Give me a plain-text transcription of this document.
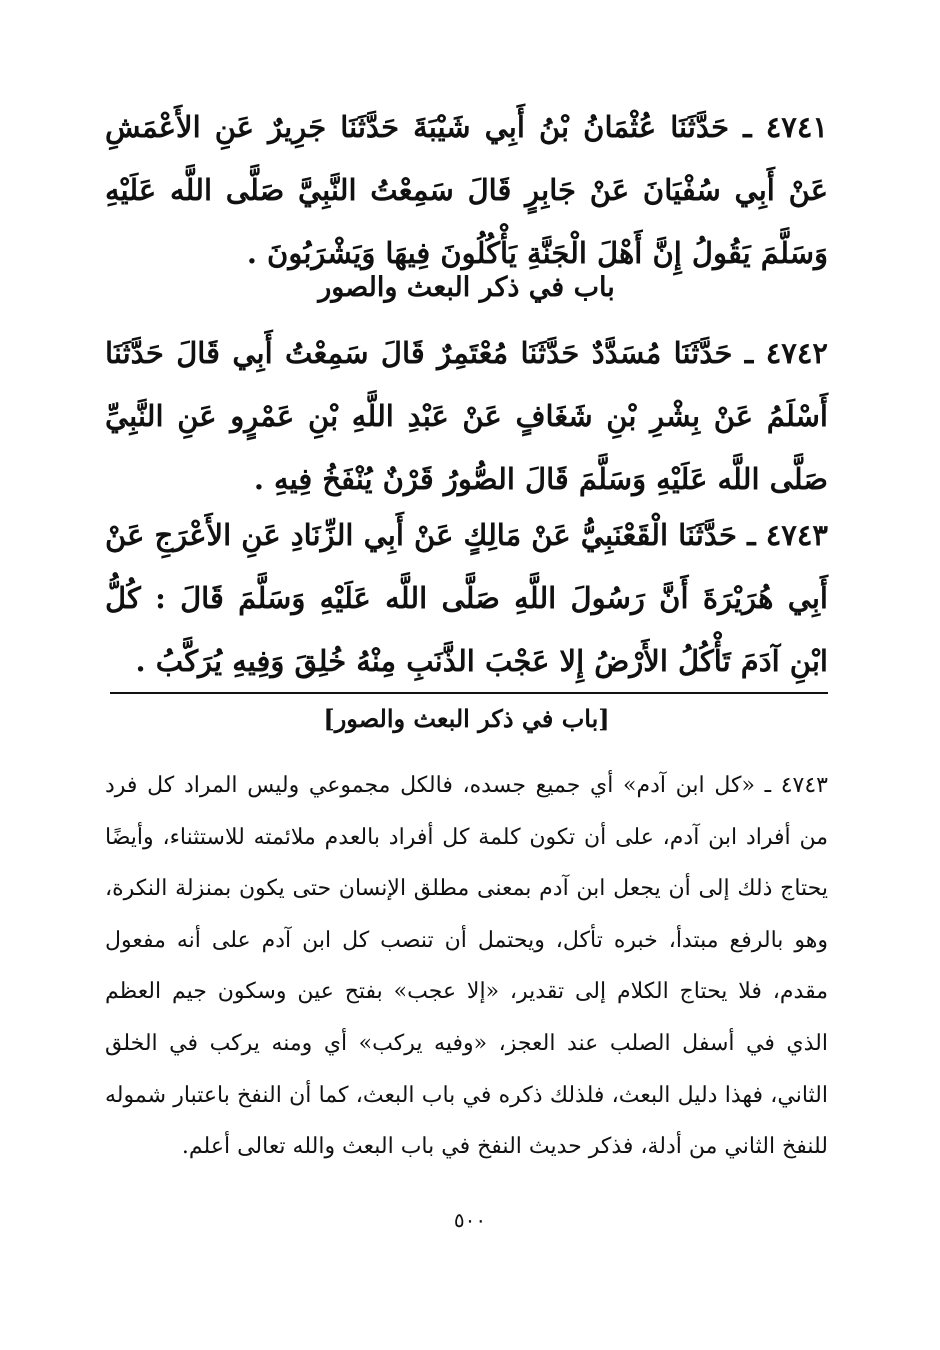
٤٧٤١ ـ حَدَّثَنَا عُثْمَانُ بْنُ أَبِي شَيْبَةَ حَدَّثَنَا جَرِيرٌ عَنِ الأَعْمَشِ عَنْ أَبِي سُفْيَانَ عَنْ جَابِرٍ قَالَ سَمِعْتُ النَّبِيَّ صَلَّى اللَّه عَلَيْهِ وَسَلَّمَ يَقُولُ إِنَّ أَهْلَ الْجَنَّةِ يَأْكُلُونَ فِيهَا وَيَشْرَبُونَ .

باب في ذكر البعث والصور

٤٧٤٢ ـ حَدَّثَنَا مُسَدَّدٌ حَدَّثَنَا مُعْتَمِرٌ قَالَ سَمِعْتُ أَبِي قَالَ حَدَّثَنَا أَسْلَمُ عَنْ بِشْرِ بْنِ شَغَافٍ عَنْ عَبْدِ اللَّهِ بْنِ عَمْرٍو عَنِ النَّبِيِّ صَلَّى اللَّه عَلَيْهِ وَسَلَّمَ قَالَ الصُّورُ قَرْنٌ يُنْفَخُ فِيهِ .

٤٧٤٣ ـ حَدَّثَنَا الْقَعْنَبِيُّ عَنْ مَالِكٍ عَنْ أَبِي الزِّنَادِ عَنِ الأَعْرَجِ عَنْ أَبِي هُرَيْرَةَ أَنَّ رَسُولَ اللَّهِ صَلَّى اللَّه عَلَيْهِ وَسَلَّمَ قَالَ : كُلُّ ابْنِ آدَمَ تَأْكُلُ الأَرْضُ إِلا عَجْبَ الذَّنَبِ مِنْهُ خُلِقَ وَفِيهِ يُرَكَّبُ .

[باب في ذكر البعث والصور]

٤٧٤٣ ـ «كل ابن آدم» أي جميع جسده، فالكل مجموعي وليس المراد كل فرد من أفراد ابن آدم، على أن تكون كلمة كل أفراد بالعدم ملائمته للاستثناء، وأيضًا يحتاج ذلك إلى أن يجعل ابن آدم بمعنى مطلق الإنسان حتى يكون بمنزلة النكرة، وهو بالرفع مبتدأ، خبره تأكل، ويحتمل أن تنصب كل ابن آدم على أنه مفعول مقدم، فلا يحتاج الكلام إلى تقدير، «إلا عجب» بفتح عين وسكون جيم العظم الذي في أسفل الصلب عند العجز، «وفيه يركب» أي ومنه يركب في الخلق الثاني، فهذا دليل البعث، فلذلك ذكره في باب البعث، كما أن النفخ باعتبار شموله للنفخ الثاني من أدلة، فذكر حديث النفخ في باب البعث والله تعالى أعلم.

٥٠٠
